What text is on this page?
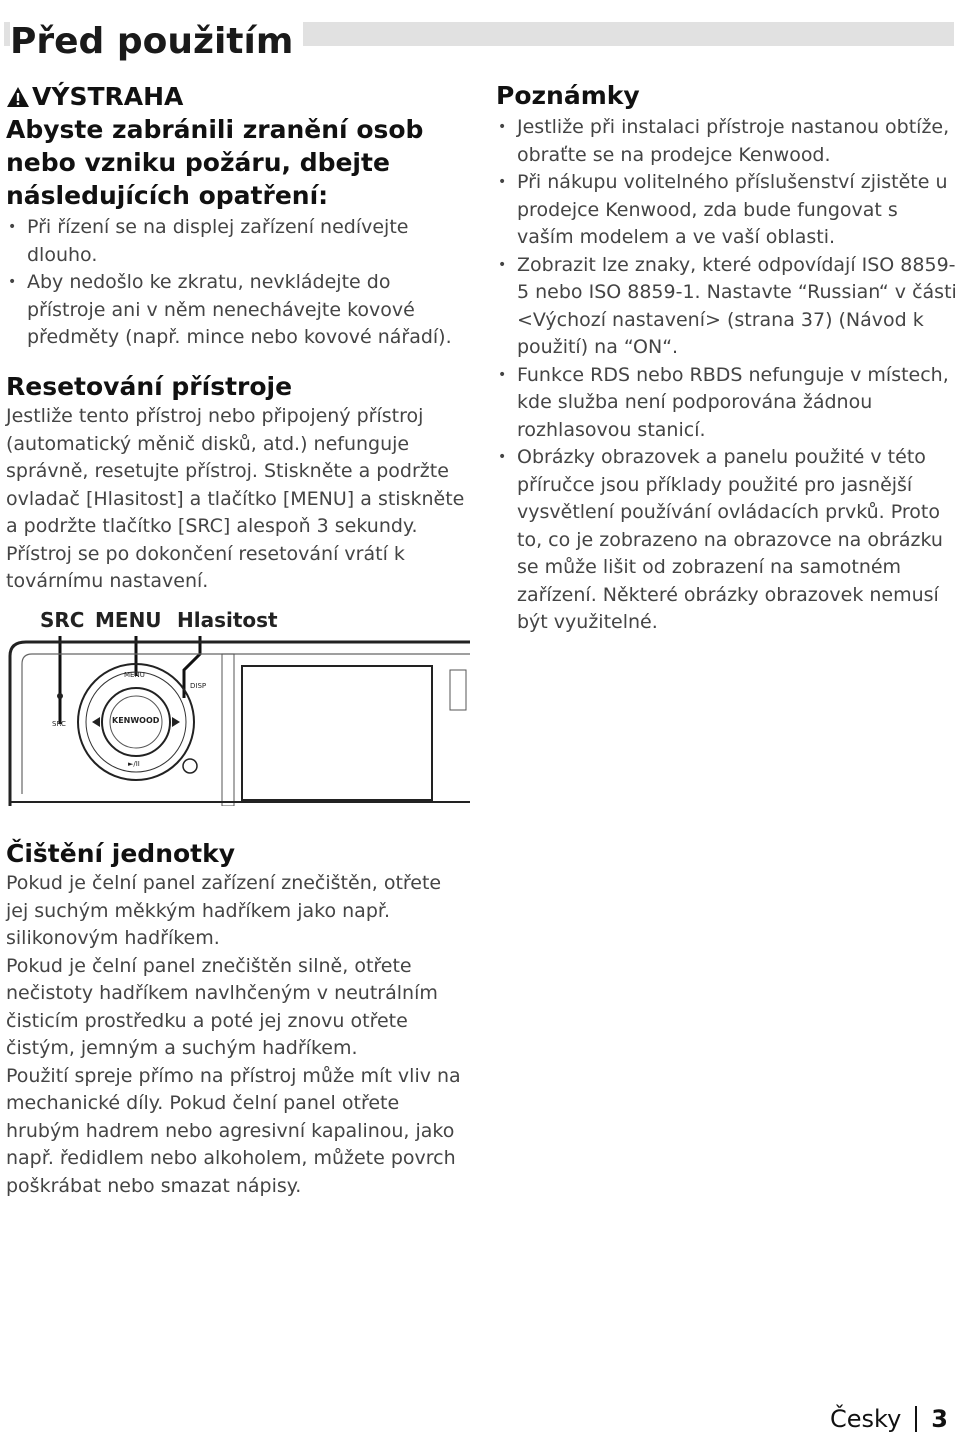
Před použitím
VÝSTRAHA
Abyste zabránili zranění osob nebo vzniku požáru, dbejte následujících opatření:
• Při řízení se na displej zařízení nedívejte dlouho.
• Aby nedošlo ke zkratu, nevkládejte do přístroje ani v něm nenechávejte kovové předměty (např. mince nebo kovové nářadí).
Resetování přístroje

Jestliže tento přístroj nebo připojený přístroj (automatický měnič disků, atd.) nefunguje správně, resetujte přístroj. Stiskněte a podržte ovladač [Hlasitost] a tlačítko [MENU] a stiskněte a podržte tlačítko [SRC] alespoň 3 sekundy. Přístroj se po dokončení resetování vrátí k továrnímu nastavení.

SRC MENU Hlasitost
MENU
DISP
SRC	KENWOOD
►/II
Čištění jednotky

Pokud je čelní panel zařízení znečištěn, otřete jej suchým měkkým hadříkem jako např. silikonovým hadříkem.

Pokud je čelní panel znečištěn silně, otřete nečistoty hadříkem navlhčeným v neutrálním čisticím prostředku a poté jej znovu otřete čistým, jemným a suchým hadříkem.

Použití spreje přímo na přístroj může mít vliv na mechanické díly. Pokud čelní panel otřete hrubým hadrem nebo agresivní kapalinou, jako např. ředidlem nebo alkoholem, můžete povrch poškrábat nebo smazat nápisy.

Poznámky
• Jestliže při instalaci přístroje nastanou obtíže, obraťte se na prodejce Kenwood.
• Při nákupu volitelného příslušenství zjistěte u prodejce Kenwood, zda bude fungovat s vaším modelem a ve vaší oblasti.
• Zobrazit lze znaky, které odpovídají ISO 8859-5 nebo ISO 8859-1. Nastavte “Russian“ v části <Výchozí nastavení> (strana 37) (Návod k použití) na “ON“.
• Funkce RDS nebo RBDS nefunguje v místech, kde služba není podporována žádnou rozhlasovou stanicí.
• Obrázky obrazovek a panelu použité v této příručce jsou příklady použité pro jasnější vysvětlení používání ovládacích prvků. Proto to, co je zobrazeno na obrazovce na obrázku se může lišit od zobrazení na samotném zařízení. Některé obrázky obrazovek nemusí být využitelné.
Česky 3
